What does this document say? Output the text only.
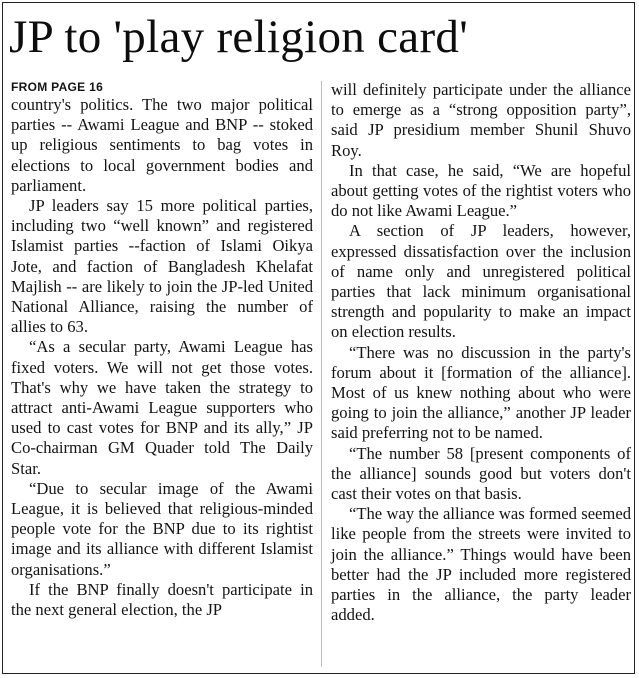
JP to 'play religion card'
FROM PAGE 16

country's politics. The two major political parties -- Awami League and BNP -- stoked up religious sentiments to bag votes in elections to local government bodies and parliament.

JP leaders say 15 more political parties, including two “well known” and registered Islamist parties --faction of Islami Oikya Jote, and faction of Bangladesh Khelafat Majlish -- are likely to join the JP-led United National Alliance, raising the number of allies to 63.

“As a secular party, Awami League has fixed voters. We will not get those votes. That's why we have taken the strategy to attract anti-Awami League supporters who used to cast votes for BNP and its ally,” JP Co-chairman GM Quader told The Daily Star.

“Due to secular image of the Awami League, it is believed that religious-minded people vote for the BNP due to its rightist image and its alliance with different Islamist organisations.”

If the BNP finally doesn't participate in the next general election, the JP

will definitely participate under the alliance to emerge as a “strong opposition party”, said JP presidium member Shunil Shuvo Roy.

In that case, he said, “We are hopeful about getting votes of the rightist voters who do not like Awami League.”

A section of JP leaders, however, expressed dissatisfaction over the inclusion of name only and unregistered political parties that lack minimum organisational strength and popularity to make an impact on election results.

“There was no discussion in the party's forum about it [formation of the alliance]. Most of us knew nothing about who were going to join the alliance,” another JP leader said preferring not to be named.

“The number 58 [present components of the alliance] sounds good but voters don't cast their votes on that basis.

“The way the alliance was formed seemed like people from the streets were invited to join the alliance.” Things would have been better had the JP included more registered parties in the alliance, the party leader added.
